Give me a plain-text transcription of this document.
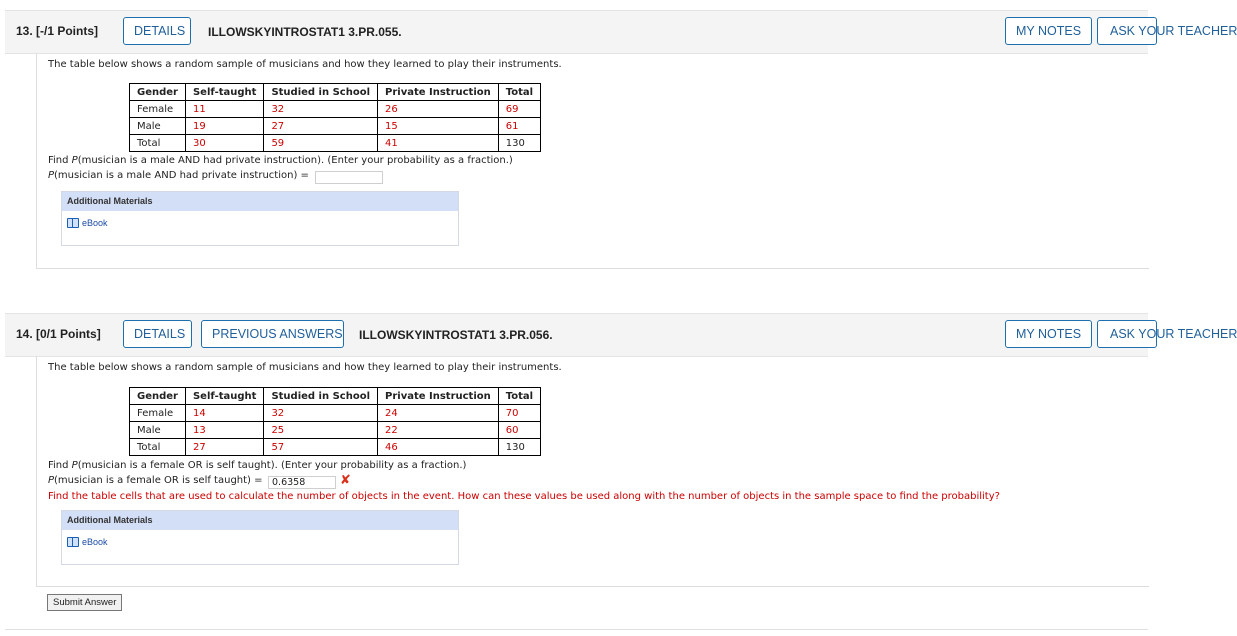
13. [-/1 Points]	DETAILS	ILLOWSKYINTROSTAT1 3.PR.055.	MY NOTES	ASK YOUR TEACHER
The table below shows a random sample of musicians and how they learned to play their instruments.
Gender	Self-taught	Studied in School	Private Instruction	Total
Female	11	32	26	69
Male	19	27	15	61
Total	30	59	41	130
Find P(musician is a male AND had private instruction). (Enter your probability as a fraction.)
P(musician is a male AND had private instruction) =
Additional Materials
eBook
14. [0/1 Points]	DETAILS	PREVIOUS ANSWERS ILLOWSKYINTROSTAT1 3.PR.056.	MY NOTES	ASK YOUR TEACHER
The table below shows a random sample of musicians and how they learned to play their instruments.
Gender	Self-taught	Studied in School	Private Instruction	Total
Female	14	32	24	70
Male	13	25	22	60
Total	27	57	46	130
Find P(musician is a female OR is self taught). (Enter your probability as a fraction.)
P(musician is a female OR is self taught) = 0.6358	✘
Find the table cells that are used to calculate the number of objects in the event. How can these values be used along with the number of objects in the sample space to find the probability?
Additional Materials
eBook
Submit Answer
